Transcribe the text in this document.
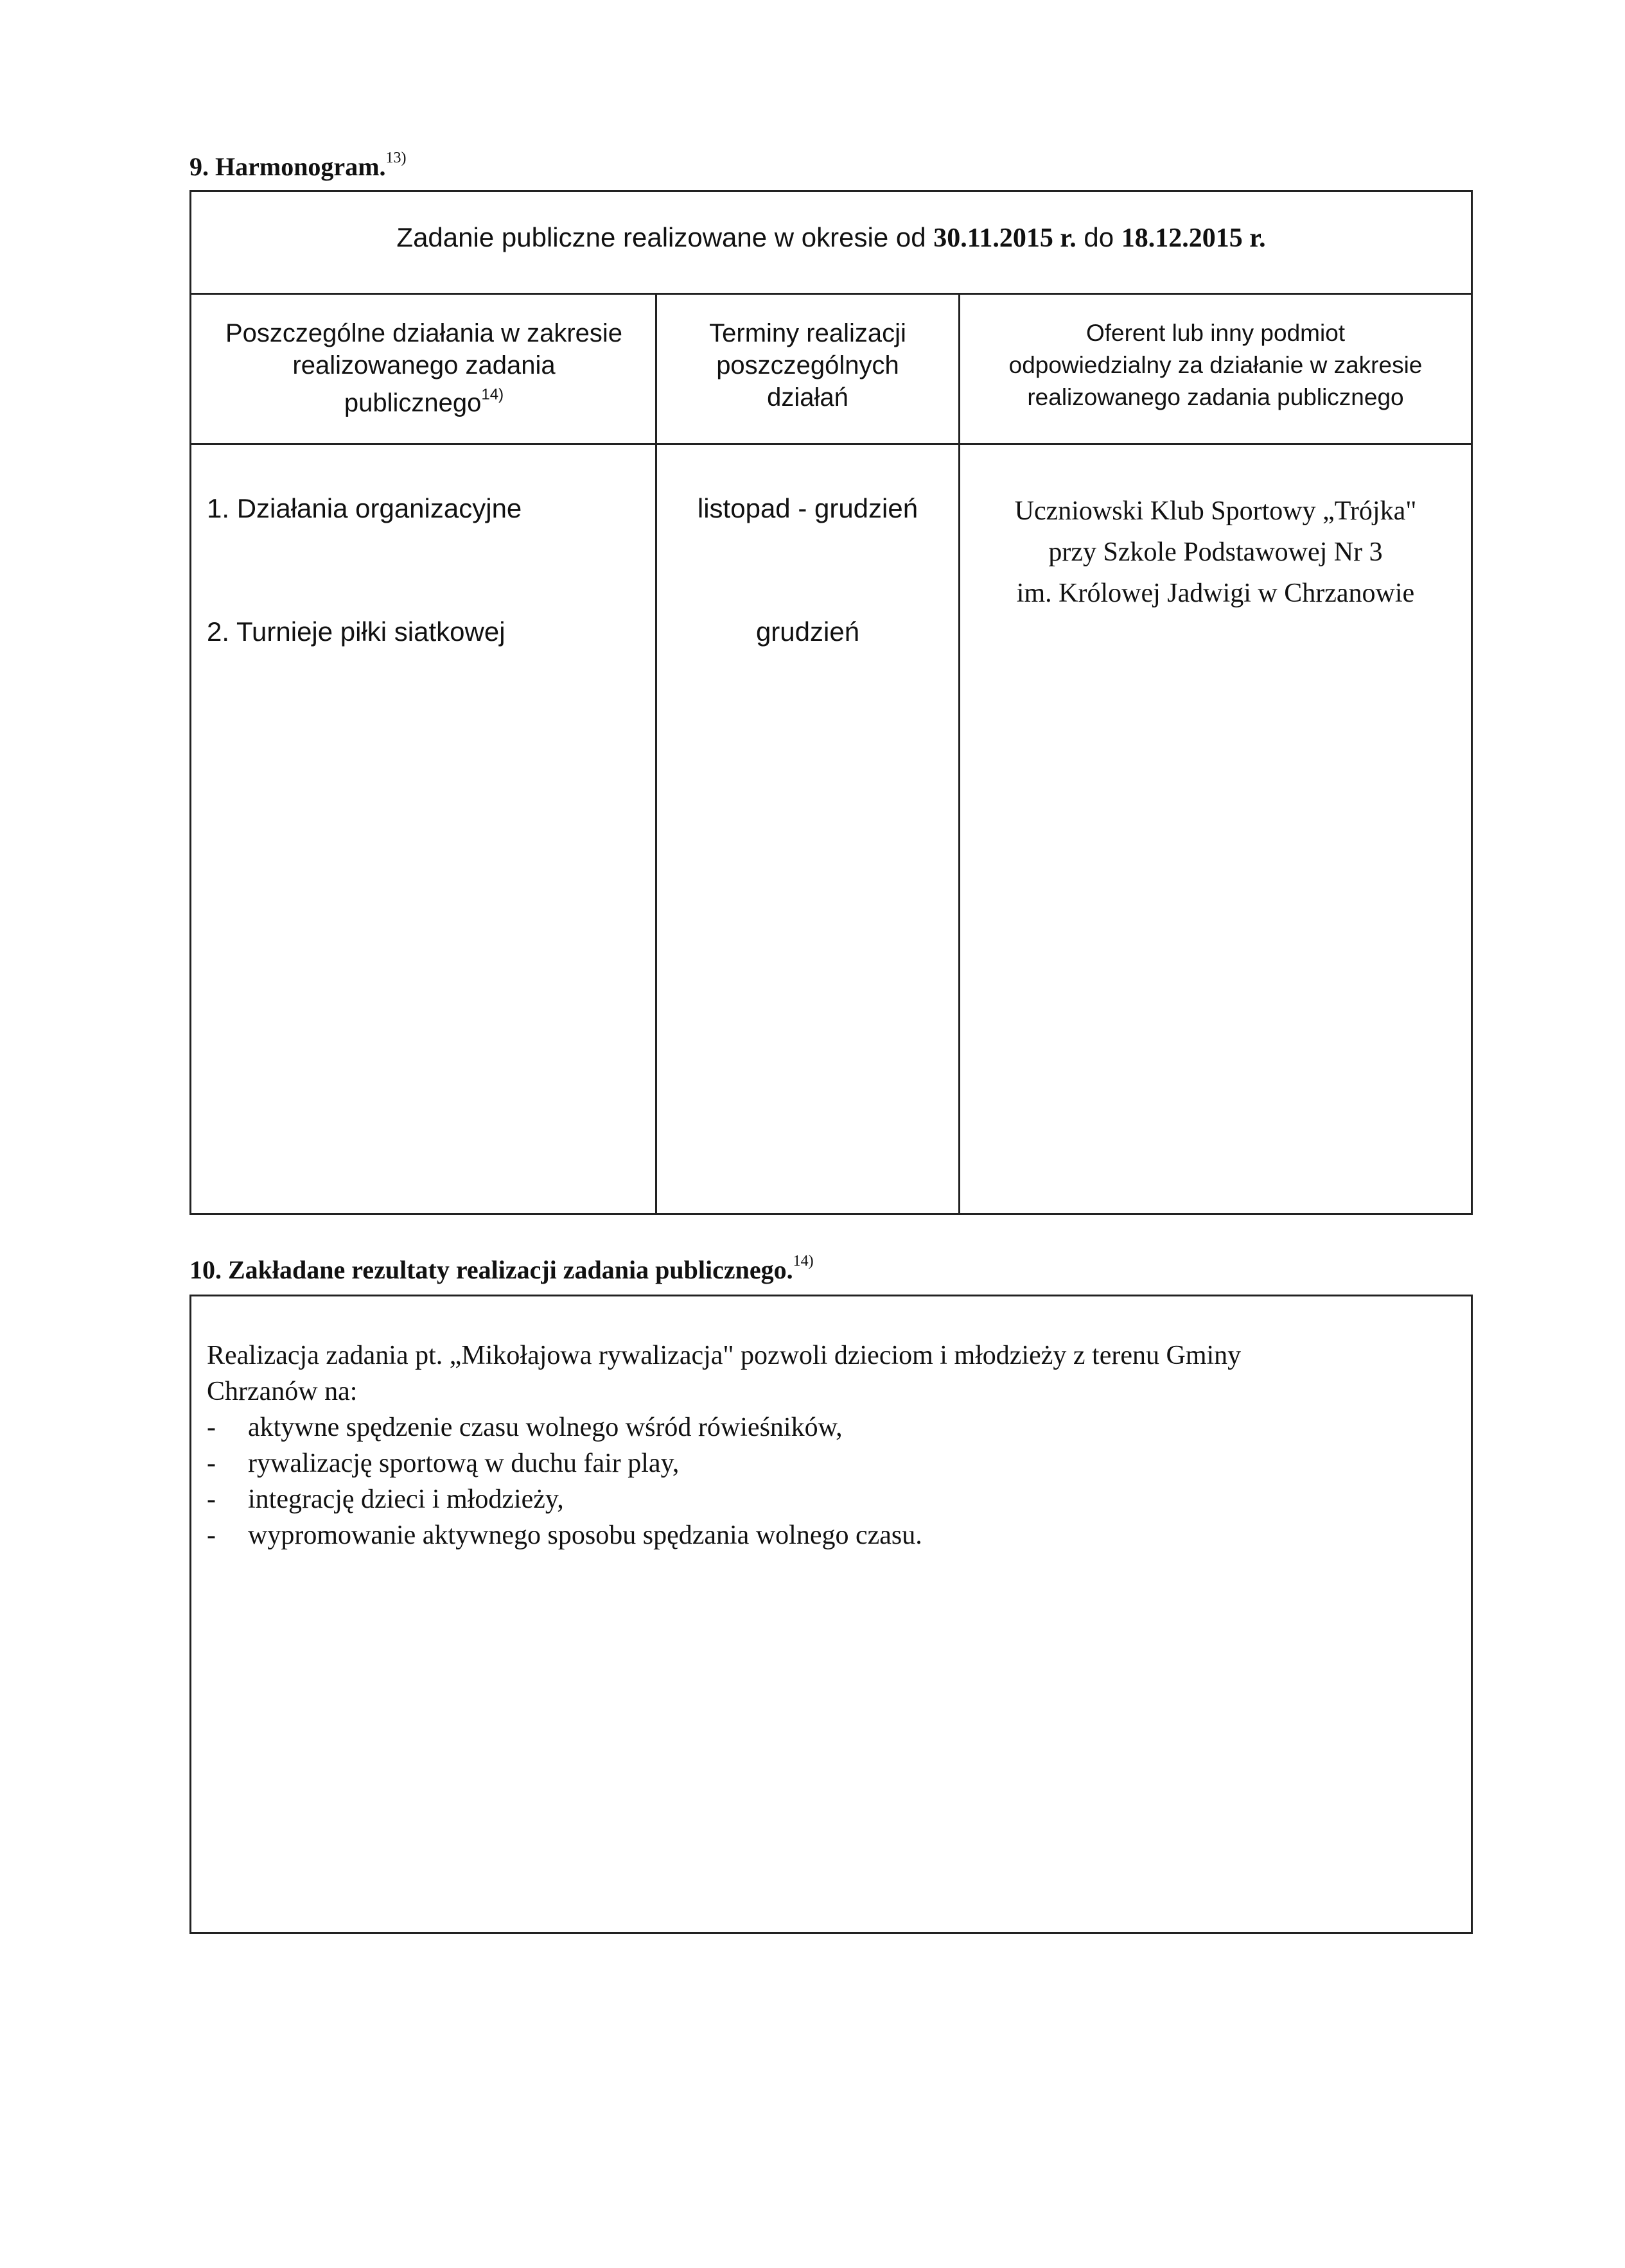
9. Harmonogram.$^{13)}$
Zadanie publiczne realizowane w okresie od 30.11.2015 r. do 18.12.2015 r.
Poszczególne działania w zakresie
realizowanego zadania
publicznego$^{14)}$
Terminy realizacji
poszczególnych
działań
Oferent lub inny podmiot
odpowiedzialny za działanie w zakresie
realizowanego zadania publicznego
1. Działania organizacyjne
2. Turnieje piłki siatkowej
listopad - grudzień
grudzień
Uczniowski Klub Sportowy „Trójka"
przy Szkole Podstawowej Nr 3
im. Królowej Jadwigi w Chrzanowie
10. Zakładane rezultaty realizacji zadania publicznego.$^{14)}$
Realizacja zadania pt. „Mikołajowa rywalizacja" pozwoli dzieciom i młodzieży z terenu Gminy
Chrzanów na:
- aktywne spędzenie czasu wolnego wśród rówieśników,
- rywalizację sportową w duchu fair play,
- integrację dzieci i młodzieży,
- wypromowanie aktywnego sposobu spędzania wolnego czasu.
